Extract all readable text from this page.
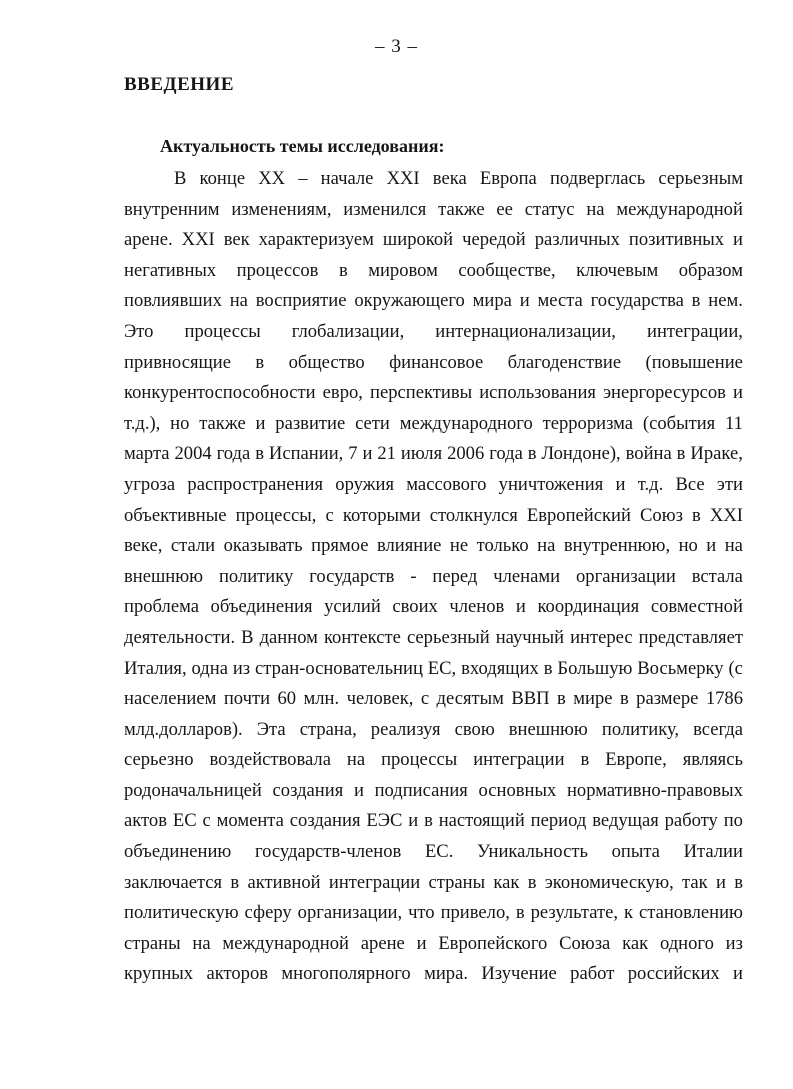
– 3 –
ВВЕДЕНИЕ
Актуальность темы исследования:
В конце XX – начале XXI века Европа подверглась серьезным
внутренним изменениям, изменился также ее статус на международной
арене. XXI век характеризуем широкой чередой различных позитивных и
негативных процессов в мировом сообществе, ключевым образом
повлиявших на восприятие окружающего мира и места государства в нем.
Это процессы глобализации, интернационализации, интеграции,
привносящие в общество финансовое благоденствие (повышение
конкурентоспособности евро, перспективы использования энергоресурсов и
т.д.), но также и развитие сети международного терроризма (события 11
марта 2004 года в Испании, 7 и 21 июля 2006 года в Лондоне), война в Ираке,
угроза распространения оружия массового уничтожения и т.д. Все эти
объективные процессы, с которыми столкнулся Европейский Союз в XXI
веке, стали оказывать прямое влияние не только на внутреннюю, но и на
внешнюю политику государств - перед членами организации встала
проблема объединения усилий своих членов и координация совместной
деятельности. В данном контексте серьезный научный интерес представляет
Италия, одна из стран-основательниц ЕС, входящих в Большую Восьмерку (с
населением почти 60 млн. человек, с десятым ВВП в мире в размере 1786
млд.долларов). Эта страна, реализуя свою внешнюю политику, всегда
серьезно воздействовала на процессы интеграции в Европе, являясь
родоначальницей создания и подписания основных нормативно-правовых
актов ЕС с момента создания ЕЭС и в настоящий период ведущая работу по
объединению государств-членов ЕС. Уникальность опыта Италии
заключается в активной интеграции страны как в экономическую, так и в
политическую сферу организации, что привело, в результате, к становлению
страны на международной арене и Европейского Союза как одного из
крупных акторов многополярного мира. Изучение работ российских и
